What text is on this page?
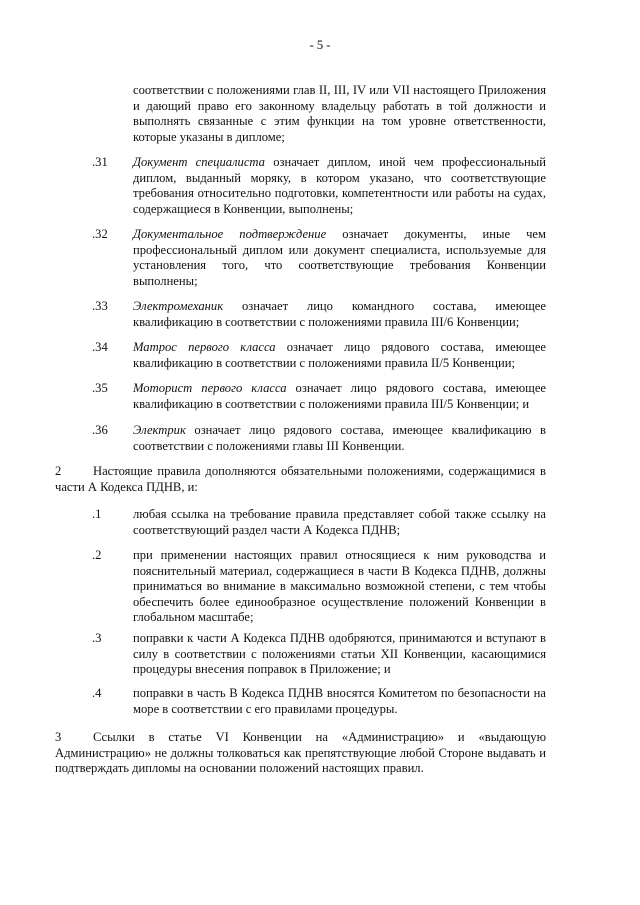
- 5 -
соответствии с положениями глав II, III, IV или VII настоящего Приложения
и дающий право его законному владельцу работать в той должности и
выполнять связанные с этим функции на том уровне ответственности,
которые указаны в дипломе;
.31 Документ специалиста означает диплом, иной чем профессиональный
диплом, выданный моряку, в котором указано, что соответствующие
требования относительно подготовки, компетентности или работы на судах,
содержащиеся в Конвенции, выполнены;
.32 Документальное подтверждение означает документы, иные чем
профессиональный диплом или документ специалиста, используемые для
установления того, что соответствующие требования Конвенции
выполнены;
.33 Электромеханик означает лицо командного состава, имеющее
квалификацию в соответствии с положениями правила III/6 Конвенции;
.34 Матрос первого класса означает лицо рядового состава, имеющее
квалификацию в соответствии с положениями правила II/5 Конвенции;
.35 Моторист первого класса означает лицо рядового состава, имеющее
квалификацию в соответствии с положениями правила III/5 Конвенции; и
.36 Электрик означает лицо рядового состава, имеющее квалификацию в
соответствии с положениями главы III Конвенции.
2	Настоящие правила дополняются обязательными положениями, содержащимися в
части А Кодекса ПДНВ, и:
.1	любая ссылка на требование правила представляет собой также ссылку на
соответствующий раздел части А Кодекса ПДНВ;
.2	при применении настоящих правил относящиеся к ним руководства и
пояснительный материал, содержащиеся в части В Кодекса ПДНВ, должны
приниматься во внимание в максимально возможной степени, с тем чтобы
обеспечить более единообразное осуществление положений Конвенции в
глобальном масштабе;
.3	поправки к части А Кодекса ПДНВ одобряются, принимаются и вступают в
силу в соответствии с положениями статьи XII Конвенции, касающимися
процедуры внесения поправок в Приложение; и
.4	поправки в часть В Кодекса ПДНВ вносятся Комитетом по безопасности на
море в соответствии с его правилами процедуры.
3	Ссылки в статье VI Конвенции на «Администрацию» и «выдающую
Администрацию» не должны толковаться как препятствующие любой Стороне выдавать и
подтверждать дипломы на основании положений настоящих правил.
